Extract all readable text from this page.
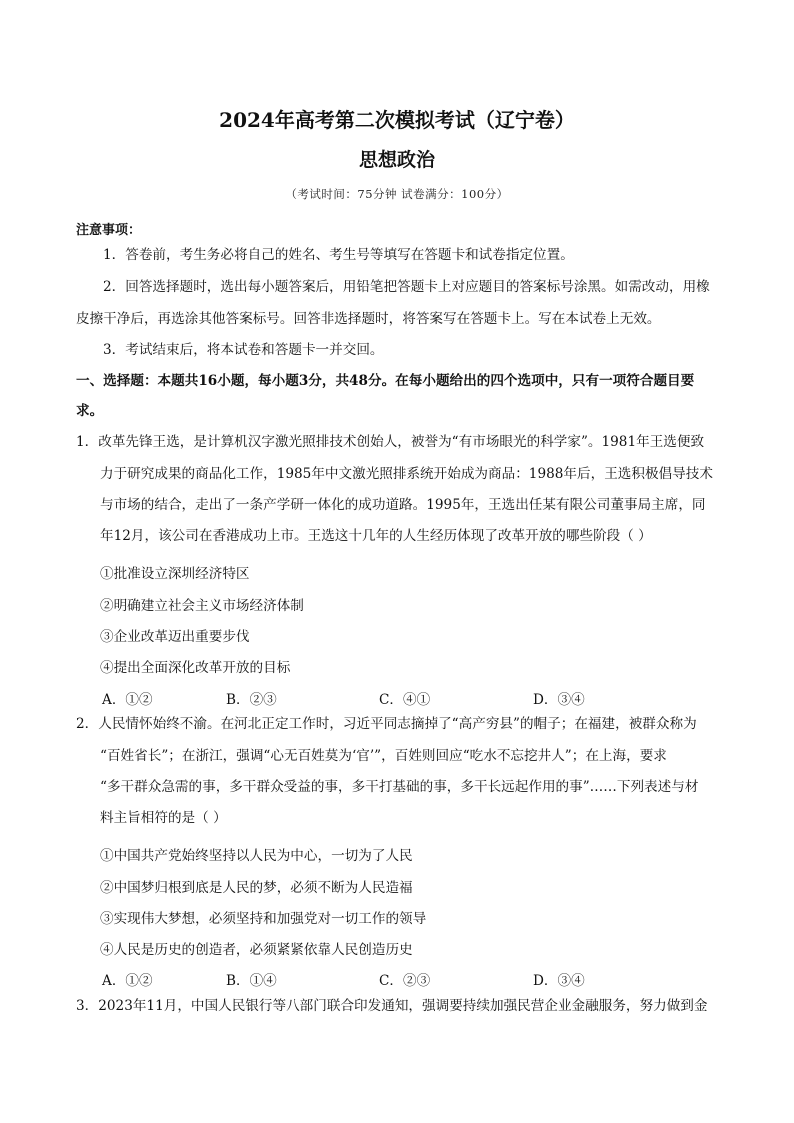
2024年高考第二次模拟考试（辽宁卷）
思想政治
（考试时间：75分钟 试卷满分：100分）
注意事项：
1．答卷前，考生务必将自己的姓名、考生号等填写在答题卡和试卷指定位置。
2．回答选择题时，选出每小题答案后，用铅笔把答题卡上对应题目的答案标号涂黑。如需改动，用橡
皮擦干净后，再选涂其他答案标号。回答非选择题时，将答案写在答题卡上。写在本试卷上无效。
3．考试结束后，将本试卷和答题卡一并交回。
一、选择题：本题共16小题，每小题3分，共48分。在每小题给出的四个选项中，只有一项符合题目要
求。
1．改革先锋王选，是计算机汉字激光照排技术创始人，被誉为“有市场眼光的科学家”。1981年王选便致
力于研究成果的商品化工作，1985年中文激光照排系统开始成为商品：1988年后，王选积极倡导技术
与市场的结合，走出了一条产学研一体化的成功道路。1995年，王选出任某有限公司董事局主席，同
年12月，该公司在香港成功上市。王选这十几年的人生经历体现了改革开放的哪些阶段（ ）
①批准设立深圳经济特区
②明确建立社会主义市场经济体制
③企业改革迈出重要步伐
④提出全面深化改革开放的目标
A．①②	B．②③	C．④①	D．③④
2．人民情怀始终不渝。在河北正定工作时，习近平同志摘掉了“高产穷县”的帽子；在福建，被群众称为
“百姓省长”；在浙江，强调“心无百姓莫为‘官’”，百姓则回应“吃水不忘挖井人”；在上海，要求
“多干群众急需的事，多干群众受益的事，多干打基础的事，多干长远起作用的事”……下列表述与材
料主旨相符的是（ ）
①中国共产党始终坚持以人民为中心，一切为了人民
②中国梦归根到底是人民的梦，必须不断为人民造福
③实现伟大梦想，必须坚持和加强党对一切工作的领导
④人民是历史的创造者，必须紧紧依靠人民创造历史
A．①②	B．①④	C．②③	D．③④
3．2023年11月，中国人民银行等八部门联合印发通知，强调要持续加强民营企业金融服务，努力做到金
